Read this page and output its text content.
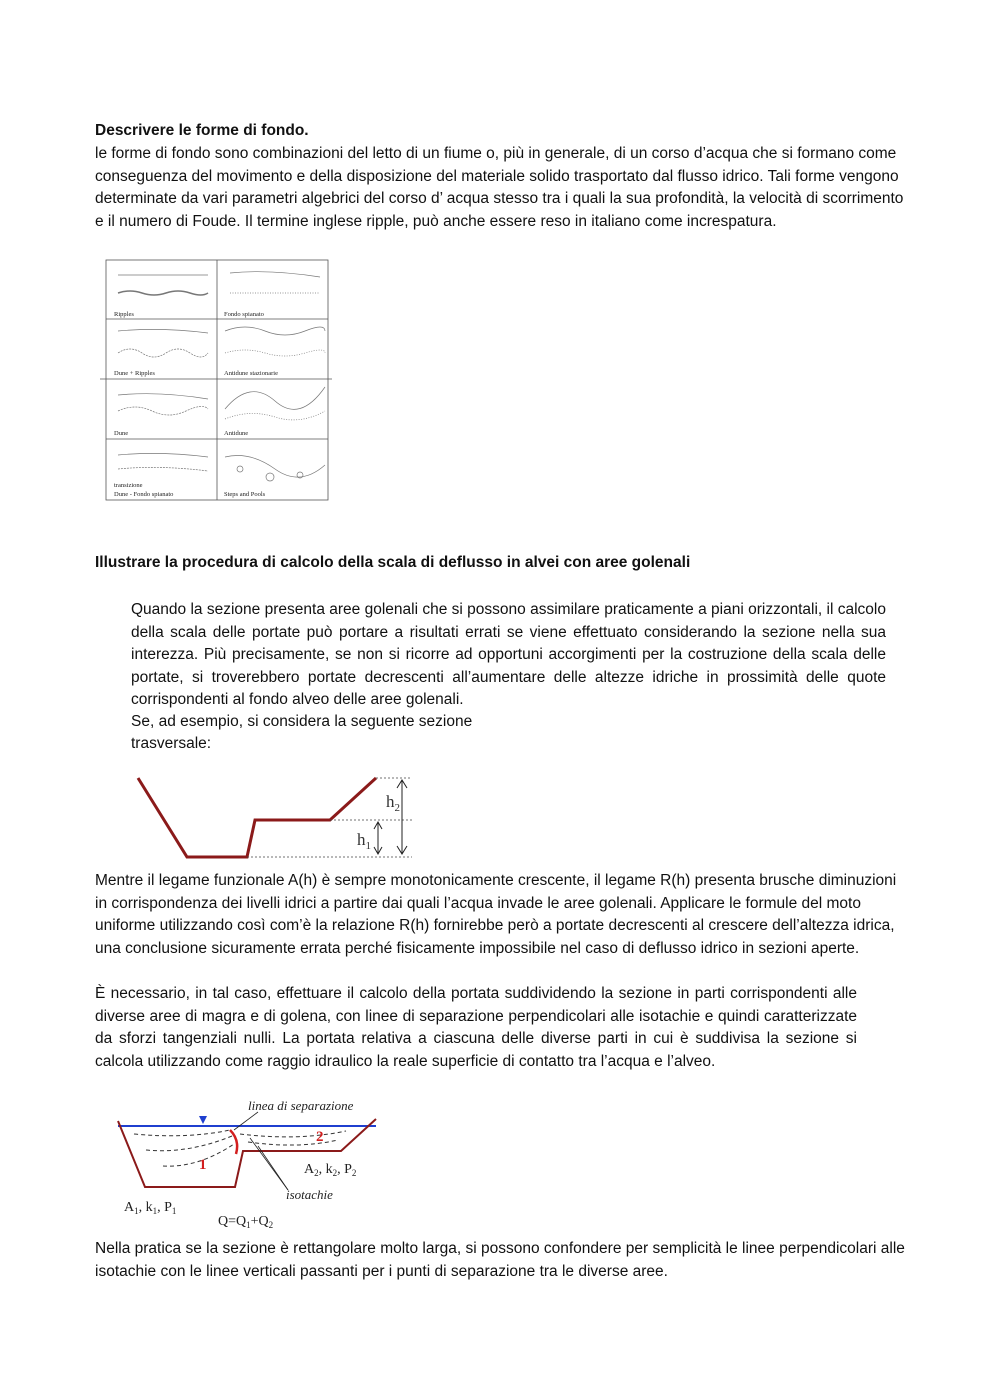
Descrivere le forme di fondo.

le forme di fondo sono combinazioni del letto di un fiume o, più in generale, di un corso d’acqua che si formano come conseguenza del movimento e della disposizione del materiale solido trasportato dal flusso idrico. Tali forme vengono determinate da vari parametri algebrici del corso d’ acqua stesso tra i quali la sua profondità, la velocità di scorrimento e il numero di Foude. Il termine inglese ripple, può anche essere reso in italiano come increspatura.

Ripples	Fondo spianato
Dune + Ripples	Antidune stazionarie
Dune	Antidune
transizione
Dune - Fondo spianato	Steps and Pools
Illustrare la procedura di calcolo della scala di deflusso in alvei con aree golenali

Quando la sezione presenta aree golenali che si possono assimilare praticamente a piani orizzontali, il calcolo della scala delle portate può portare a risultati errati se viene effettuato considerando la sezione nella sua interezza. Più precisamente, se non si ricorre ad opportuni accorgimenti per la costruzione della scala delle portate, si troverebbero portate decrescenti all’aumentare delle altezze idriche in prossimità delle quote corrispondenti al fondo alveo delle aree golenali.

Se, ad esempio, si considera la seguente sezione
trasversale:
$h_2$
$h_1$

Mentre il legame funzionale A(h) è sempre monotonicamente crescente, il legame R(h) presenta brusche diminuzioni in corrispondenza dei livelli idrici a partire dai quali l’acqua invade le aree golenali. Applicare le formule del moto uniforme utilizzando così com’è la relazione R(h) fornirebbe però a portate decrescenti al crescere dell’altezza idrica, una conclusione sicuramente errata perché fisicamente impossibile nel caso di deflusso idrico in sezioni aperte.

È necessario, in tal caso, effettuare il calcolo della portata suddividendo la sezione in parti corrispondenti alle diverse aree di magra e di golena, con linee di separazione perpendicolari alle isotachie e quindi caratterizzate da sforzi tangenziali nulli. La portata relativa a ciascuna delle diverse parti in cui è suddivisa la sezione si calcola utilizzando come raggio idraulico la reale superficie di contatto tra l’acqua e l’alveo.

linea di separazione
1
2
isotachie
$A_2$, $k_2$, $P_2$
$A_1$, $k_1$, $P_1$
$Q=Q_1+Q_2$

Nella pratica se la sezione è rettangolare molto larga, si possono confondere per semplicità le linee perpendicolari alle isotachie con le linee verticali passanti per i punti di separazione tra le diverse aree.
